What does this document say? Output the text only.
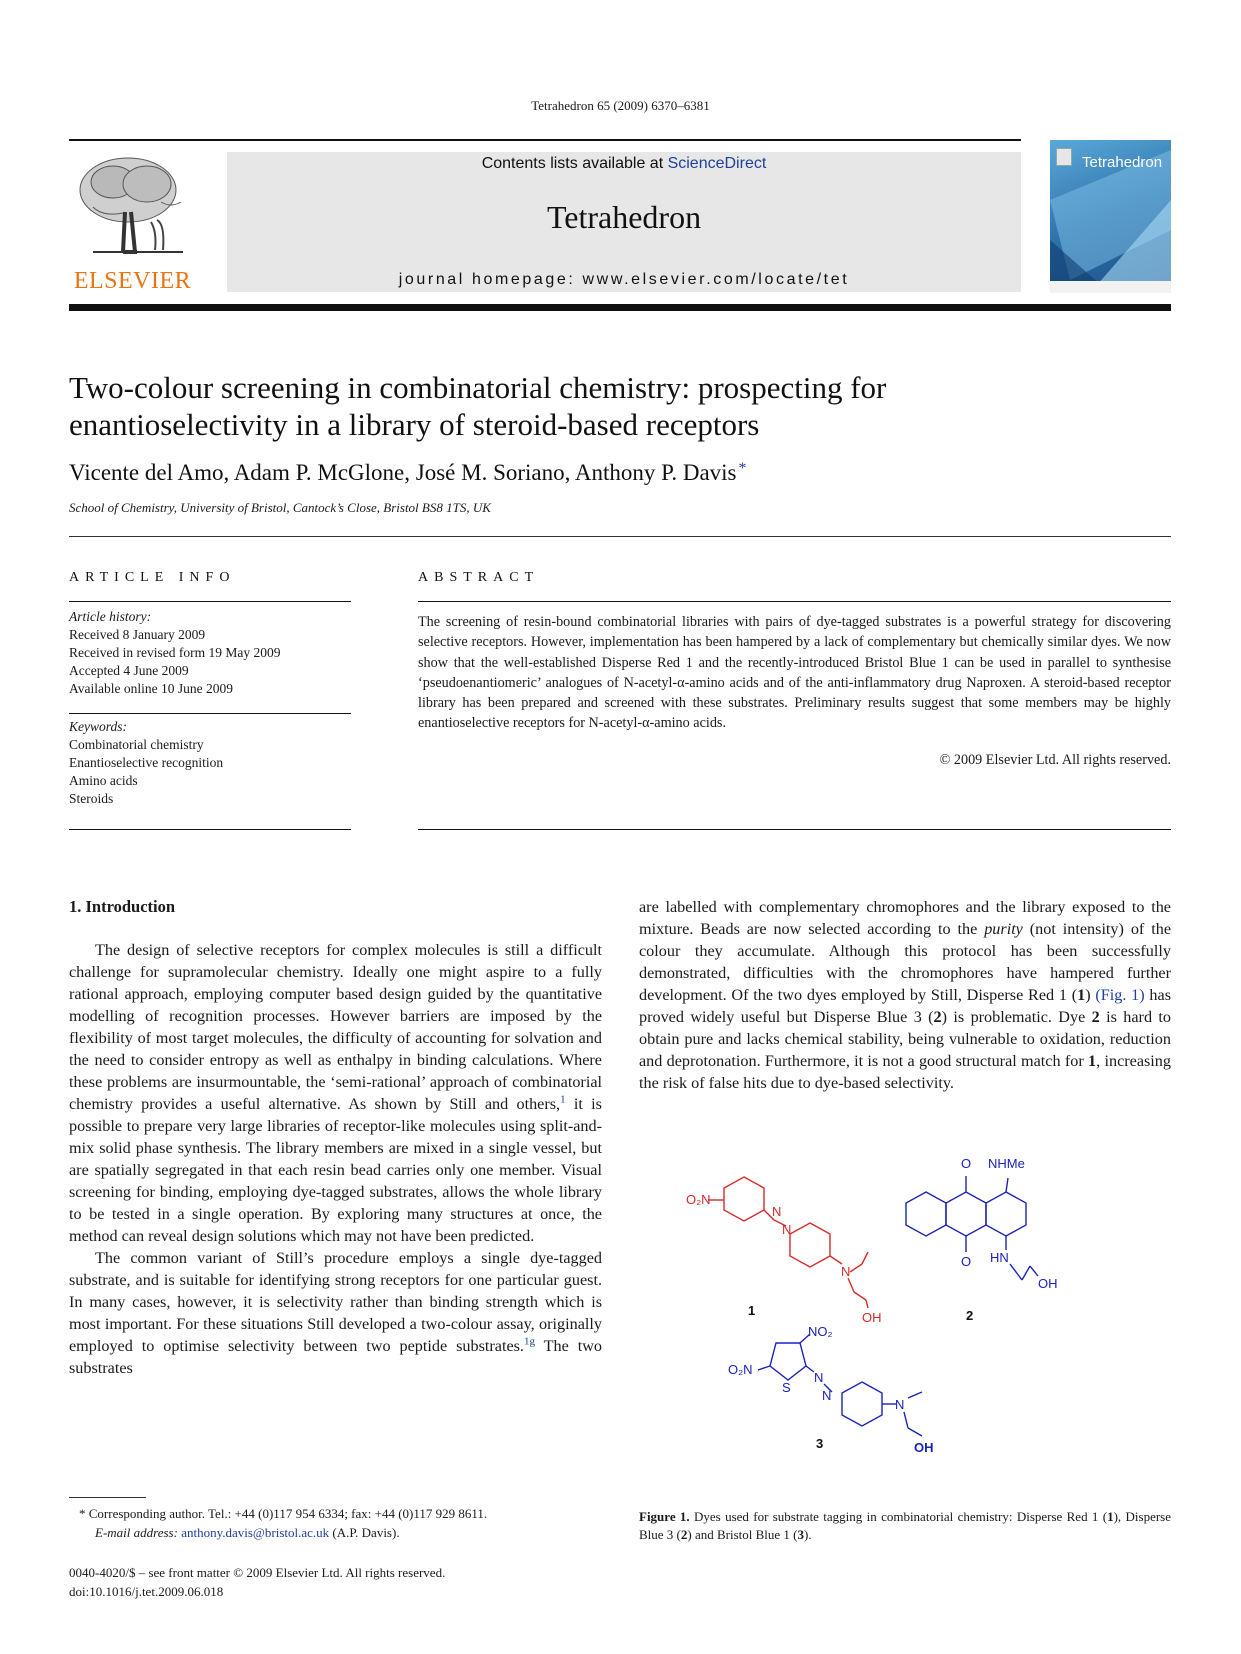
Tetrahedron 65 (2009) 6370–6381
ELSEVIER
Contents lists available at ScienceDirect
Tetrahedron
journal homepage: www.elsevier.com/locate/tet
Tetrahedron
Two-colour screening in combinatorial chemistry: prospecting for
enantioselectivity in a library of steroid-based receptors
Vicente del Amo, Adam P. McGlone, José M. Soriano, Anthony P. Davis *
School of Chemistry, University of Bristol, Cantock’s Close, Bristol BS8 1TS, UK
ARTICLE INFO
Article history:
Received 8 January 2009
Received in revised form 19 May 2009
Accepted 4 June 2009
Available online 10 June 2009
Keywords:
Combinatorial chemistry
Enantioselective recognition
Amino acids
Steroids
ABSTRACT
The screening of resin-bound combinatorial libraries with pairs of dye-tagged substrates is a powerful strategy for discovering selective receptors. However, implementation has been hampered by a lack of complementary but chemically similar dyes. We now show that the well-established Disperse Red 1 and the recently-introduced Bristol Blue 1 can be used in parallel to synthesise ‘pseudoenantiomeric’ analogues of N-acetyl-α-amino acids and of the anti-inflammatory drug Naproxen. A steroid-based receptor library has been prepared and screened with these substrates. Preliminary results suggest that some members may be highly enantioselective receptors for N-acetyl-α-amino acids.
© 2009 Elsevier Ltd. All rights reserved.
1. Introduction

The design of selective receptors for complex molecules is still a difficult challenge for supramolecular chemistry. Ideally one might aspire to a fully rational approach, employing computer based design guided by the quantitative modelling of recognition processes. However barriers are imposed by the flexibility of most target molecules, the difficulty of accounting for solvation and the need to consider entropy as well as enthalpy in binding calculations. Where these problems are insurmountable, the ‘semi-rational’ approach of combinatorial chemistry provides a useful alternative. As shown by Still and others,$^1$ it is possible to prepare very large libraries of receptor-like molecules using split-and-mix solid phase synthesis. The library members are mixed in a single vessel, but are spatially segregated in that each resin bead carries only one member. Visual screening for binding, employing dye-tagged substrates, allows the whole library to be tested in a single operation. By exploring many structures at once, the method can reveal design solutions which may not have been predicted.

The common variant of Still’s procedure employs a single dye-tagged substrate, and is suitable for identifying strong receptors for one particular guest. In many cases, however, it is selectivity rather than binding strength which is most important. For these situations Still developed a two-colour assay, originally employed to optimise selectivity between two peptide substrates.$^{1g}$ The two substrates

are labelled with complementary chromophores and the library exposed to the mixture. Beads are now selected according to the purity (not intensity) of the colour they accumulate. Although this protocol has been successfully demonstrated, difficulties with the chromophores have hampered further development. Of the two dyes employed by Still, Disperse Red 1 (1) (Fig. 1) has proved widely useful but Disperse Blue 3 (2) is problematic. Dye 2 is hard to obtain pure and lacks chemical stability, being vulnerable to oxidation, reduction and deprotonation. Furthermore, it is not a good structural match for 1, increasing the risk of false hits due to dye-based selectivity.

O₂N
N
N
N
OH
1
O NHMe
O HN
OH
2
NO₂
O₂N
S
N
N
N
OH
3
Figure 1. Dyes used for substrate tagging in combinatorial chemistry: Disperse Red 1 (1), Disperse Blue 3 (2) and Bristol Blue 1 (3).
* Corresponding author. Tel.: +44 (0)117 954 6334; fax: +44 (0)117 929 8611.
E-mail address: anthony.davis@bristol.ac.uk (A.P. Davis).
0040-4020/$ – see front matter © 2009 Elsevier Ltd. All rights reserved.
doi:10.1016/j.tet.2009.06.018
